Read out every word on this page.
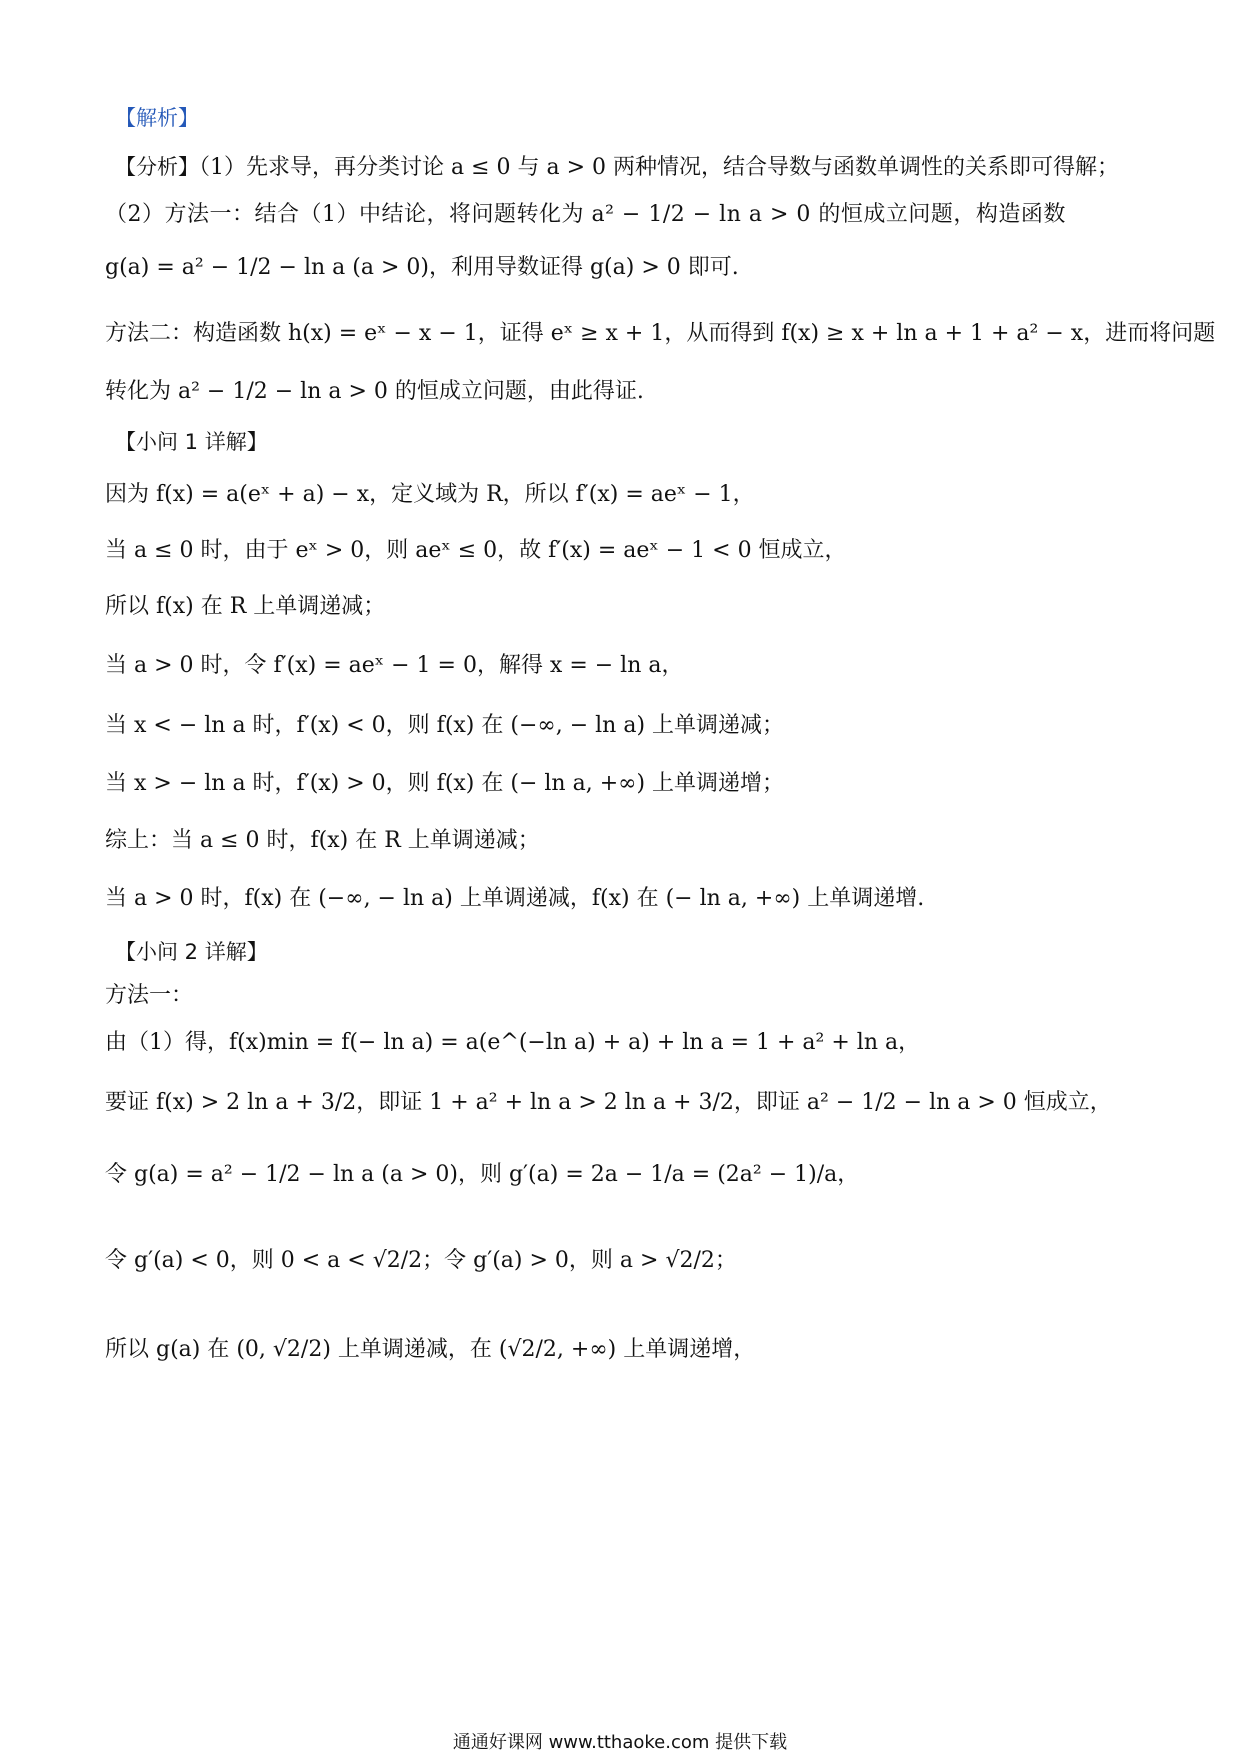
【解析】
【分析】（1）先求导，再分类讨论 a ≤ 0 与 a > 0 两种情况，结合导数与函数单调性的关系即可得解；
（2）方法一：结合（1）中结论，将问题转化为 a² − 1/2 − ln a > 0 的恒成立问题，构造函数
g(a) = a² − 1/2 − ln a (a > 0)，利用导数证得 g(a) > 0 即可.
方法二：构造函数 h(x) = eˣ − x − 1，证得 eˣ ≥ x + 1，从而得到 f(x) ≥ x + ln a + 1 + a² − x，进而将问题
转化为 a² − 1/2 − ln a > 0 的恒成立问题，由此得证.
【小问 1 详解】
因为 f(x) = a(eˣ + a) − x，定义域为 R，所以 f′(x) = aeˣ − 1，
当 a ≤ 0 时，由于 eˣ > 0，则 aeˣ ≤ 0，故 f′(x) = aeˣ − 1 < 0 恒成立，
所以 f(x) 在 R 上单调递减；
当 a > 0 时，令 f′(x) = aeˣ − 1 = 0，解得 x = − ln a，
当 x < − ln a 时，f′(x) < 0，则 f(x) 在 (−∞, − ln a) 上单调递减；
当 x > − ln a 时，f′(x) > 0，则 f(x) 在 (− ln a, +∞) 上单调递增；
综上：当 a ≤ 0 时，f(x) 在 R 上单调递减；
当 a > 0 时，f(x) 在 (−∞, − ln a) 上单调递减，f(x) 在 (− ln a, +∞) 上单调递增.
【小问 2 详解】
方法一：
由（1）得，f(x)min = f(− ln a) = a(e^(−ln a) + a) + ln a = 1 + a² + ln a，
要证 f(x) > 2 ln a + 3/2，即证 1 + a² + ln a > 2 ln a + 3/2，即证 a² − 1/2 − ln a > 0 恒成立，
令 g(a) = a² − 1/2 − ln a (a > 0)，则 g′(a) = 2a − 1/a = (2a² − 1)/a，
令 g′(a) < 0，则 0 < a < √2/2；令 g′(a) > 0，则 a > √2/2；
所以 g(a) 在 (0, √2/2) 上单调递减，在 (√2/2, +∞) 上单调递增，
通通好课网 www.tthaoke.com 提供下载
